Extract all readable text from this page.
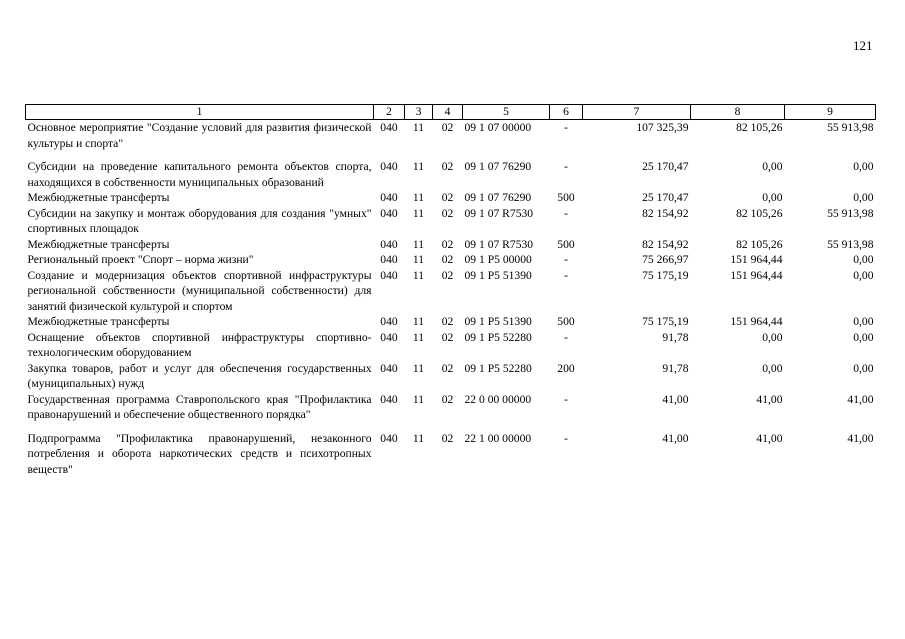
121
1	2	3	4	5	6	7	8	9
Основное мероприятие "Создание условий для развития физической культуры и спорта"	040	11	02	09 1 07 00000	-	107 325,39	82 105,26	55 913,98
Субсидии на проведение капитального ремонта объектов спорта, находящихся в собственности муниципальных образований	040	11	02	09 1 07 76290	-	25 170,47	0,00	0,00
Межбюджетные трансферты	040	11	02	09 1 07 76290	500	25 170,47	0,00	0,00
Субсидии на закупку и монтаж оборудования для создания "умных" спортивных площадок	040	11	02	09 1 07 R7530	-	82 154,92	82 105,26	55 913,98
Межбюджетные трансферты	040	11	02	09 1 07 R7530	500	82 154,92	82 105,26	55 913,98
Региональный проект "Спорт – норма жизни"	040	11	02	09 1 P5 00000	-	75 266,97	151 964,44	0,00
Создание и модернизация объектов спортивной инфраструктуры региональной собственности (муниципальной собственности) для занятий физической культурой и спортом	040	11	02	09 1 P5 51390	-	75 175,19	151 964,44	0,00
Межбюджетные трансферты	040	11	02	09 1 P5 51390	500	75 175,19	151 964,44	0,00
Оснащение объектов спортивной инфраструктуры спортивно-технологическим оборудованием	040	11	02	09 1 P5 52280	-	91,78	0,00	0,00
Закупка товаров, работ и услуг для обеспечения государственных (муниципальных) нужд	040	11	02	09 1 P5 52280	200	91,78	0,00	0,00
Государственная программа Ставропольского края "Профилактика правонарушений и обеспечение общественного порядка"	040	11	02	22 0 00 00000	-	41,00	41,00	41,00
Подпрограмма "Профилактика правонарушений, незаконного потребления и оборота наркотических средств и психотропных веществ"	040	11	02	22 1 00 00000	-	41,00	41,00	41,00
